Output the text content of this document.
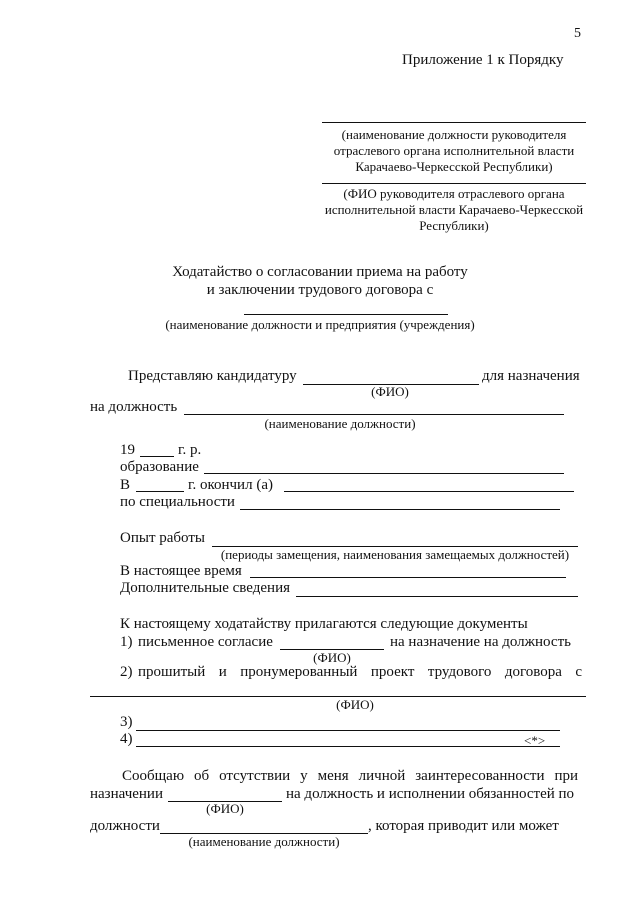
5
Приложение 1 к Порядку
(наименование должности руководителя
отраслевого органа исполнительной власти
Карачаево-Черкесской Республики)
(ФИО руководителя отраслевого органа
исполнительной власти Карачаево-Черкесской
Республики)
Ходатайство о согласовании приема на работу
и заключении трудового договора с
(наименование должности и предприятия (учреждения)
Представляю кандидатуру	для назначения
(ФИО)
на должность
(наименование должности)
19	г. р.
образование
В	г. окончил (а)
по специальности
Опыт работы
(периоды замещения, наименования замещаемых должностей)
В настоящее время
Дополнительные сведения
К настоящему ходатайству прилагаются следующие документы
1) письменное согласие	на назначение на должность
(ФИО)
2) прошитый и пронумерованный проект трудового договора с
(ФИО)
3)
4)	<*>
Сообщаю об отсутствии у меня личной заинтересованности при
назначении	на должность и исполнении обязанностей по
(ФИО)
должности	, которая приводит или может
(наименование должности)
